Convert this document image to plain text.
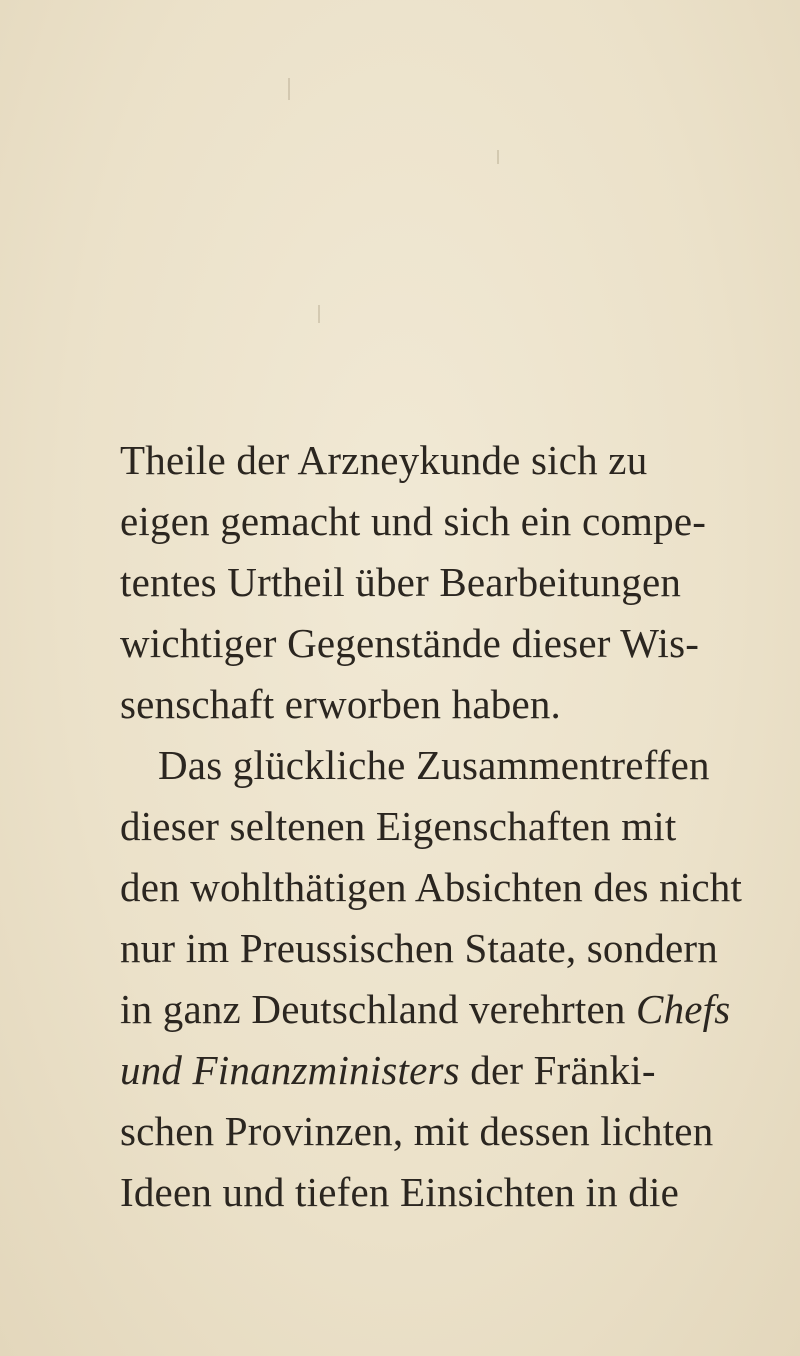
Theile der Arzneykunde sich zu
eigen gemacht und sich ein compe-
tentes Urtheil über Bearbeitungen
wichtiger Gegenstände dieser Wis-
senschaft erworben haben.
Das glückliche Zusammentreffen
dieser seltenen Eigenschaften mit
den wohlthätigen Absichten des nicht
nur im Preussischen Staate, sondern
in ganz Deutschland verehrten Chefs
und Finanzministers der Fränki-
schen Provinzen, mit dessen lichten
Ideen und tiefen Einsichten in die
